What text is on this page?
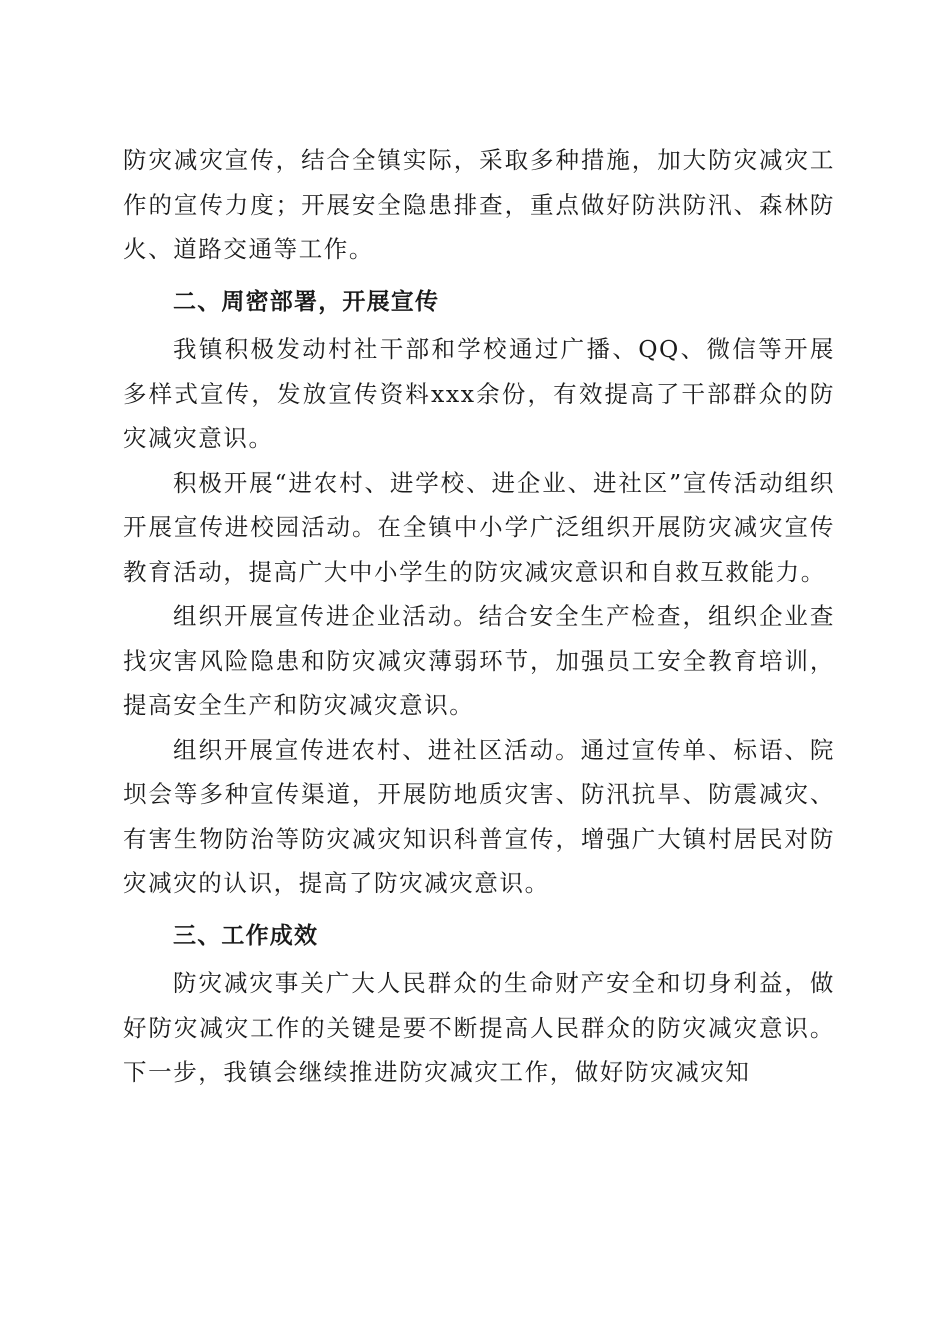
防灾减灾宣传，结合全镇实际，采取多种措施，加大防灾减灾工作的宣传力度；开展安全隐患排查，重点做好防洪防汛、森林防火、道路交通等工作。

二、周密部署，开展宣传

我镇积极发动村社干部和学校通过广播、QQ、微信等开展多样式宣传，发放宣传资料xxx余份，有效提高了干部群众的防灾减灾意识。

积极开展“进农村、进学校、进企业、进社区”宣传活动组织开展宣传进校园活动。在全镇中小学广泛组织开展防灾减灾宣传教育活动，提高广大中小学生的防灾减灾意识和自救互救能力。

组织开展宣传进企业活动。结合安全生产检查，组织企业查找灾害风险隐患和防灾减灾薄弱环节，加强员工安全教育培训，提高安全生产和防灾减灾意识。

组织开展宣传进农村、进社区活动。通过宣传单、标语、院坝会等多种宣传渠道，开展防地质灾害、防汛抗旱、防震减灾、有害生物防治等防灾减灾知识科普宣传，增强广大镇村居民对防灾减灾的认识，提高了防灾减灾意识。

三、工作成效

防灾减灾事关广大人民群众的生命财产安全和切身利益，做好防灾减灾工作的关键是要不断提高人民群众的防灾减灾意识。下一步，我镇会继续推进防灾减灾工作，做好防灾减灾知
